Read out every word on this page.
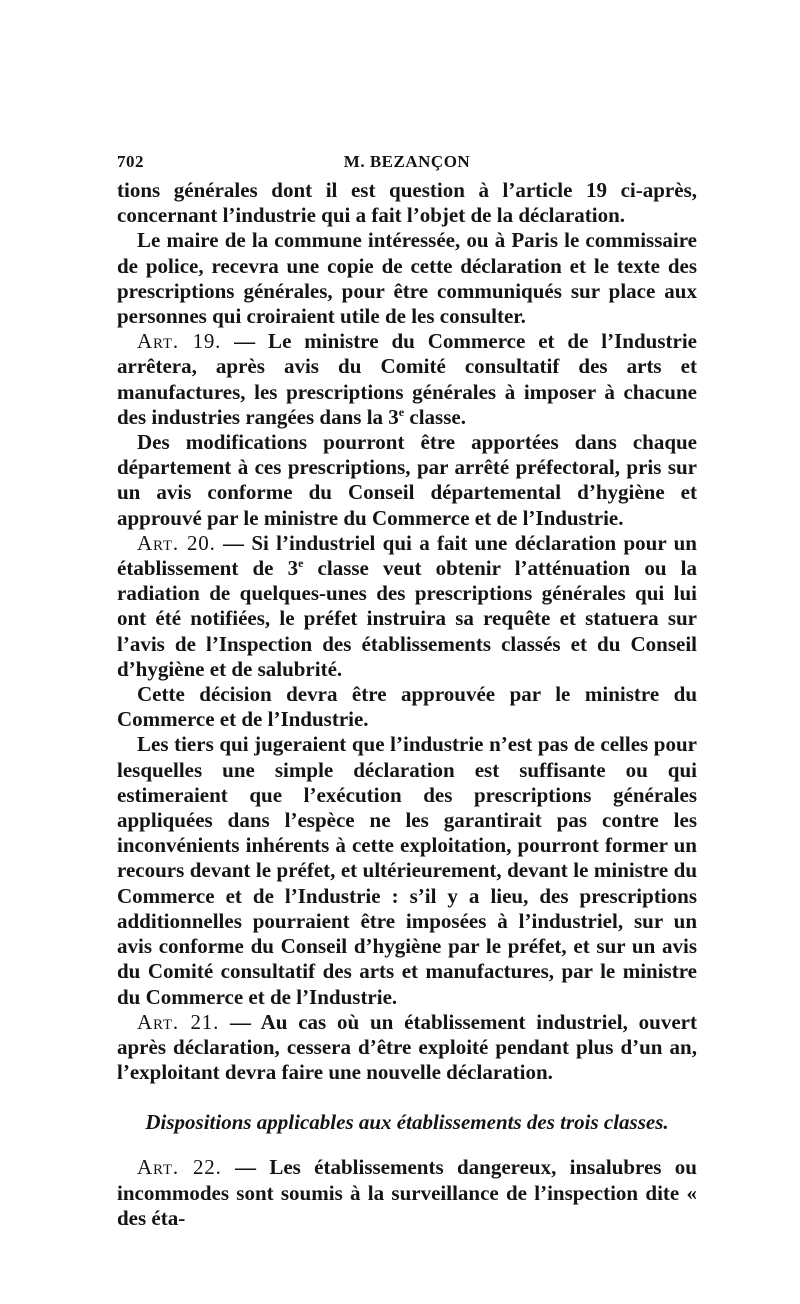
702	M. BEZANÇON

tions générales dont il est question à l’article 19 ci-après, concernant l’industrie qui a fait l’objet de la déclaration.

Le maire de la commune intéressée, ou à Paris le commissaire de police, recevra une copie de cette déclaration et le texte des prescriptions générales, pour être communiqués sur place aux personnes qui croiraient utile de les consulter.

Art. 19. — Le ministre du Commerce et de l’Industrie arrêtera, après avis du Comité consultatif des arts et manufactures, les prescriptions générales à imposer à chacune des industries rangées dans la 3e classe.

Des modifications pourront être apportées dans chaque département à ces prescriptions, par arrêté préfectoral, pris sur un avis conforme du Conseil départemental d’hygiène et approuvé par le ministre du Commerce et de l’Industrie.

Art. 20. — Si l’industriel qui a fait une déclaration pour un établissement de 3e classe veut obtenir l’atténuation ou la radiation de quelques-unes des prescriptions générales qui lui ont été notifiées, le préfet instruira sa requête et statuera sur l’avis de l’Inspection des établissements classés et du Conseil d’hygiène et de salubrité.

Cette décision devra être approuvée par le ministre du Commerce et de l’Industrie.

Les tiers qui jugeraient que l’industrie n’est pas de celles pour lesquelles une simple déclaration est suffisante ou qui estimeraient que l’exécution des prescriptions générales appliquées dans l’espèce ne les garantirait pas contre les inconvénients inhérents à cette exploitation, pourront former un recours devant le préfet, et ultérieurement, devant le ministre du Commerce et de l’Industrie : s’il y a lieu, des prescriptions additionnelles pourraient être imposées à l’industriel, sur un avis conforme du Conseil d’hygiène par le préfet, et sur un avis du Comité consultatif des arts et manufactures, par le ministre du Commerce et de l’Industrie.

Art. 21. — Au cas où un établissement industriel, ouvert après déclaration, cessera d’être exploité pendant plus d’un an, l’exploitant devra faire une nouvelle déclaration.

Dispositions applicables aux établissements des trois classes.

Art. 22. — Les établissements dangereux, insalubres ou incommodes sont soumis à la surveillance de l’inspection dite « des éta-
